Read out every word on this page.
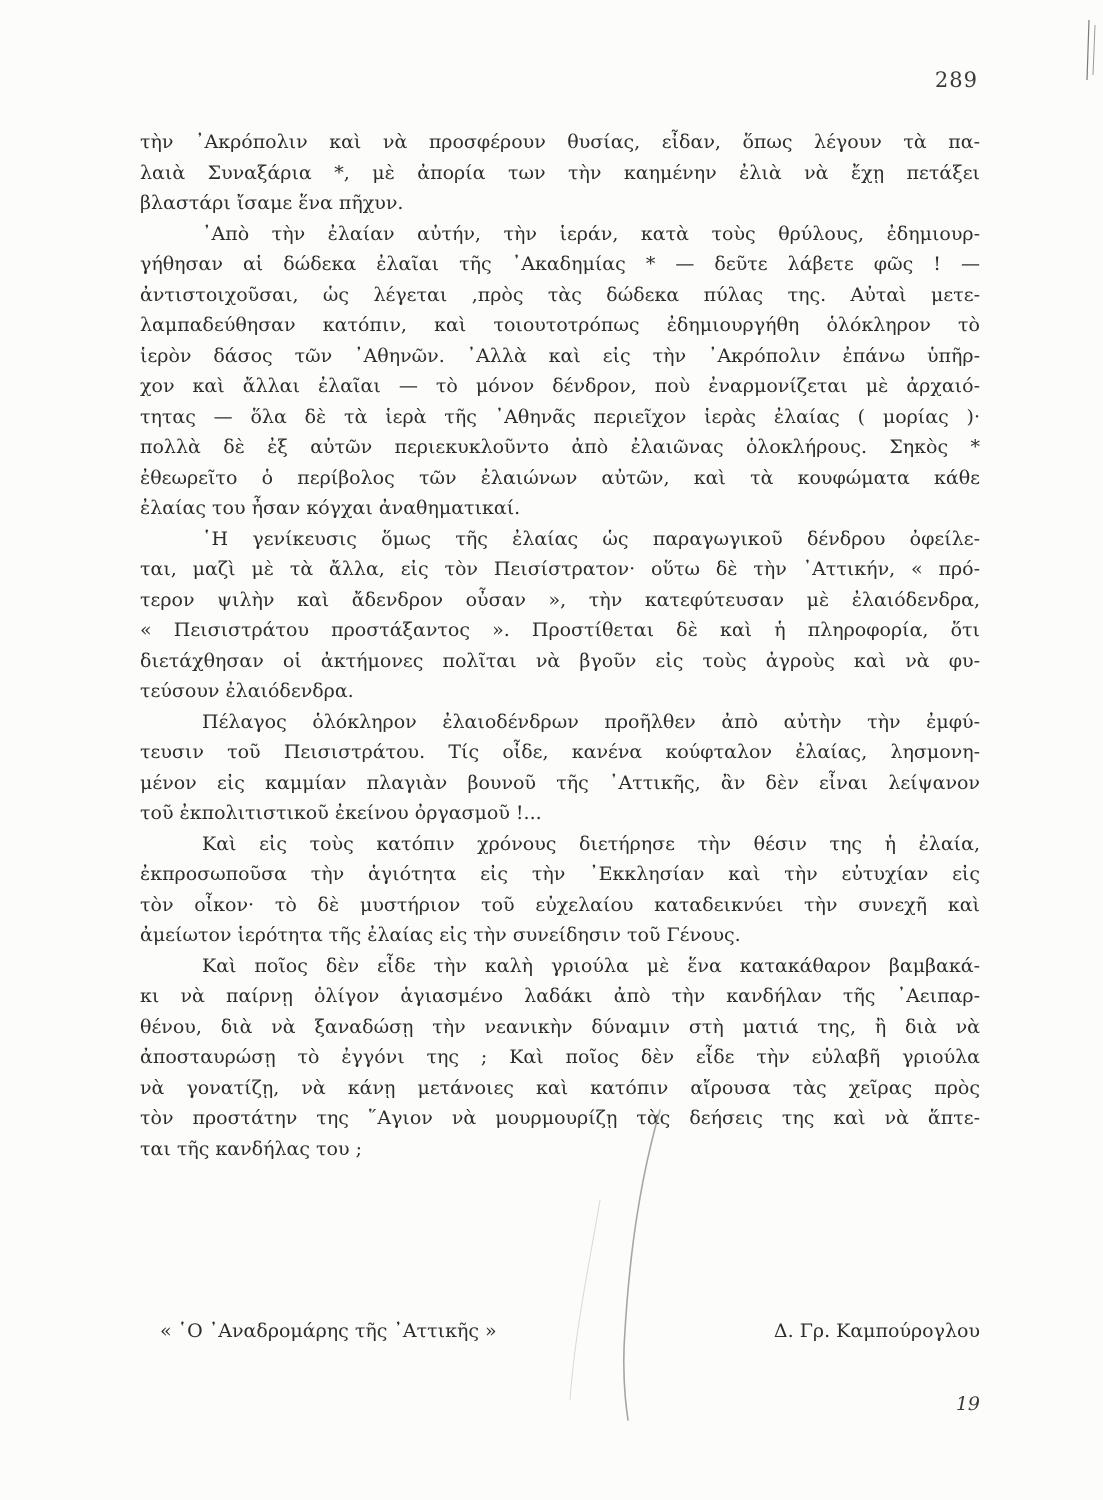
289
τὴν ᾿Ακρόπολιν καὶ νὰ προσφέρουν θυσίας, εἶδαν, ὅπως λέγουν τὰ πα-
λαιὰ Συναξάρια *, μὲ ἀπορία των τὴν καημένην ἐλιὰ νὰ ἔχῃ πετάξει
βλαστάρι ἴσαμε ἕνα πῆχυν.
᾿Απὸ τὴν ἐλαίαν αὐτήν, τὴν ἱεράν, κατὰ τοὺς θρύλους, ἐδημιουρ-
γήθησαν αἱ δώδεκα ἐλαῖαι τῆς ᾿Ακαδημίας * — δεῦτε λάβετε φῶς ! —
ἀντιστοιχοῦσαι, ὡς λέγεται ,πρὸς τὰς δώδεκα πύλας της. Αὐταὶ μετε-
λαμπαδεύθησαν κατόπιν, καὶ τοιουτοτρόπως ἐδημιουργήθη ὁλόκληρον τὸ
ἱερὸν δάσος τῶν ᾿Αθηνῶν. ᾿Αλλὰ καὶ εἰς τὴν ᾿Ακρόπολιν ἐπάνω ὑπῆρ-
χον καὶ ἄλλαι ἐλαῖαι — τὸ μόνον δένδρον, ποὺ ἐναρμονίζεται μὲ ἀρχαιό-
τητας — ὅλα δὲ τὰ ἱερὰ τῆς ᾿Αθηνᾶς περιεῖχον ἱερὰς ἐλαίας ( μορίας )·
πολλὰ δὲ ἐξ αὐτῶν περιεκυκλοῦντο ἀπὸ ἐλαιῶνας ὁλοκλήρους. Σηκὸς *
ἐθεωρεῖτο ὁ περίβολος τῶν ἐλαιώνων αὐτῶν, καὶ τὰ κουφώματα κάθε
ἐλαίας του ἦσαν κόγχαι ἀναθηματικαί.
῾Η γενίκευσις ὅμως τῆς ἐλαίας ὡς παραγωγικοῦ δένδρου ὀφείλε-
ται, μαζὶ μὲ τὰ ἄλλα, εἰς τὸν Πεισίστρατον· οὕτω δὲ τὴν ᾿Αττικήν, « πρό-
τερον ψιλὴν καὶ ἄδενδρον οὖσαν », τὴν κατεφύτευσαν μὲ ἐλαιόδενδρα,
« Πεισιστράτου προστάξαντος ». Προστίθεται δὲ καὶ ἡ πληροφορία, ὅτι
διετάχθησαν οἱ ἀκτήμονες πολῖται νὰ βγοῦν εἰς τοὺς ἀγροὺς καὶ νὰ φυ-
τεύσουν ἐλαιόδενδρα.
Πέλαγος ὁλόκληρον ἐλαιοδένδρων προῆλθεν ἀπὸ αὐτὴν τὴν ἐμφύ-
τευσιν τοῦ Πεισιστράτου. Τίς οἶδε, κανένα κούφταλον ἐλαίας, λησμονη-
μένον εἰς καμμίαν πλαγιὰν βουνοῦ τῆς ᾿Αττικῆς, ἂν δὲν εἶναι λείψανον
τοῦ ἐκπολιτιστικοῦ ἐκείνου ὀργασμοῦ !...
Καὶ εἰς τοὺς κατόπιν χρόνους διετήρησε τὴν θέσιν της ἡ ἐλαία,
ἐκπροσωποῦσα τὴν ἁγιότητα εἰς τὴν ᾿Εκκλησίαν καὶ τὴν εὐτυχίαν εἰς
τὸν οἶκον· τὸ δὲ μυστήριον τοῦ εὐχελαίου καταδεικνύει τὴν συνεχῆ καὶ
ἀμείωτον ἱερότητα τῆς ἐλαίας εἰς τὴν συνείδησιν τοῦ Γένους.
Καὶ ποῖος δὲν εἶδε τὴν καλὴ γριούλα μὲ ἕνα κατακάθαρον βαμβακά-
κι νὰ παίρνῃ ὀλίγον ἁγιασμένο λαδάκι ἀπὸ τὴν κανδήλαν τῆς ᾿Αειπαρ-
θένου, διὰ νὰ ξαναδώσῃ τὴν νεανικὴν δύναμιν στὴ ματιά της, ἢ διὰ νὰ
ἀποσταυρώσῃ τὸ ἐγγόνι της ; Καὶ ποῖος δὲν εἶδε τὴν εὐλαβῆ γριούλα
νὰ γονατίζῃ, νὰ κάνῃ μετάνοιες καὶ κατόπιν αἴρουσα τὰς χεῖρας πρὸς
τὸν προστάτην της ῞Αγιον νὰ μουρμουρίζῃ τὰς δεήσεις της καὶ νὰ ἅπτε-
ται τῆς κανδήλας του ;
« ῾Ο ᾿Αναδρομάρης τῆς ᾿Αττικῆς »	Δ. Γρ. Καμπούρογλου
19
